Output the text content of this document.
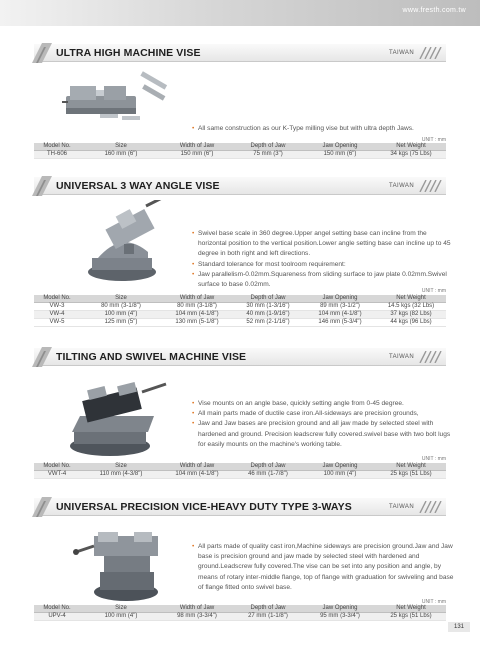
www.fresth.com.tw
ULTRA HIGH MACHINE VISE	TAIWAN
• All same construction as our K-Type milling vise but with ultra depth Jaws.
UNIT : mm
Model No.	Size	Width of Jaw	Depth of Jaw	Jaw Opening	Net Weight
TH-606	160 mm (6")	150 mm (6")	75 mm (3")	150 mm (6")	34 kgs (75 Lbs)
UNIVERSAL 3 WAY ANGLE VISE	TAIWAN
• Swivel base scale in 360 degree.Upper angel setting base can incline from the horizontal position to the vertical position.Lower angle setting base can incline up to 45 degree in both right and left directions.
• Standard tolerance for most toolroom requirement:
• Jaw parallelism-0.02mm.Squareness from sliding surface to jaw plate 0.02mm.Swivel surface to base 0.02mm.
UNIT : mm
Model No.	Size	Width of Jaw	Depth of Jaw	Jaw Opening	Net Weight
VW-3	80 mm (3-1/8")	80 mm (3-1/8")	30 mm (1-3/16")	89 mm (3-1/2")	14.5 kgs (32 Lbs)
VW-4	100 mm (4")	104 mm (4-1/8")	40 mm (1-9/16")	104 mm (4-1/8")	37 kgs (82 Lbs)
VW-5	125 mm (5")	130 mm (5-1/8")	52 mm (2-1/16")	146 mm (5-3/4")	44 kgs (96 Lbs)
TILTING AND SWIVEL MACHINE VISE	TAIWAN
• Vise mounts on an angle base, quickly setting angle from 0-45 degree.
• All main parts made of ductile case iron.All-sideways are precision grounds,
• Jaw and Jaw bases are precision ground and all jaw made by selected steel with hardened and ground. Precision leadscrew fully covered.swivel base with two bolt lugs for easily mounts on the machine's working table.
UNIT : mm
Model No.	Size	Width of Jaw	Depth of Jaw	Jaw Opening	Net Weight
VWT-4	110 mm (4-3/8")	104 mm (4-1/8")	46 mm (1-7/8")	100 mm (4")	25 kgs (51 Lbs)
UNIVERSAL PRECISION VICE-HEAVY DUTY TYPE 3-WAYS	TAIWAN
• All parts made of quality cast iron,Machine sideways are precision ground.Jaw and Jaw base is precision ground and jaw made by selected steel with hardened and ground.Leadscrew fully covered.The vise can be set into any position and angle, by means of rotary inter-middle flange, top of flange with graduation for swiveling and base of flange fitted onto swivel base.
UNIT : mm
Model No.	Size	Width of Jaw	Depth of Jaw	Jaw Opening	Net Weight
UPV-4	100 mm (4")	98 mm (3-3/4")	27 mm (1-1/8")	95 mm (3-3/4")	25 kgs (51 Lbs)
131
